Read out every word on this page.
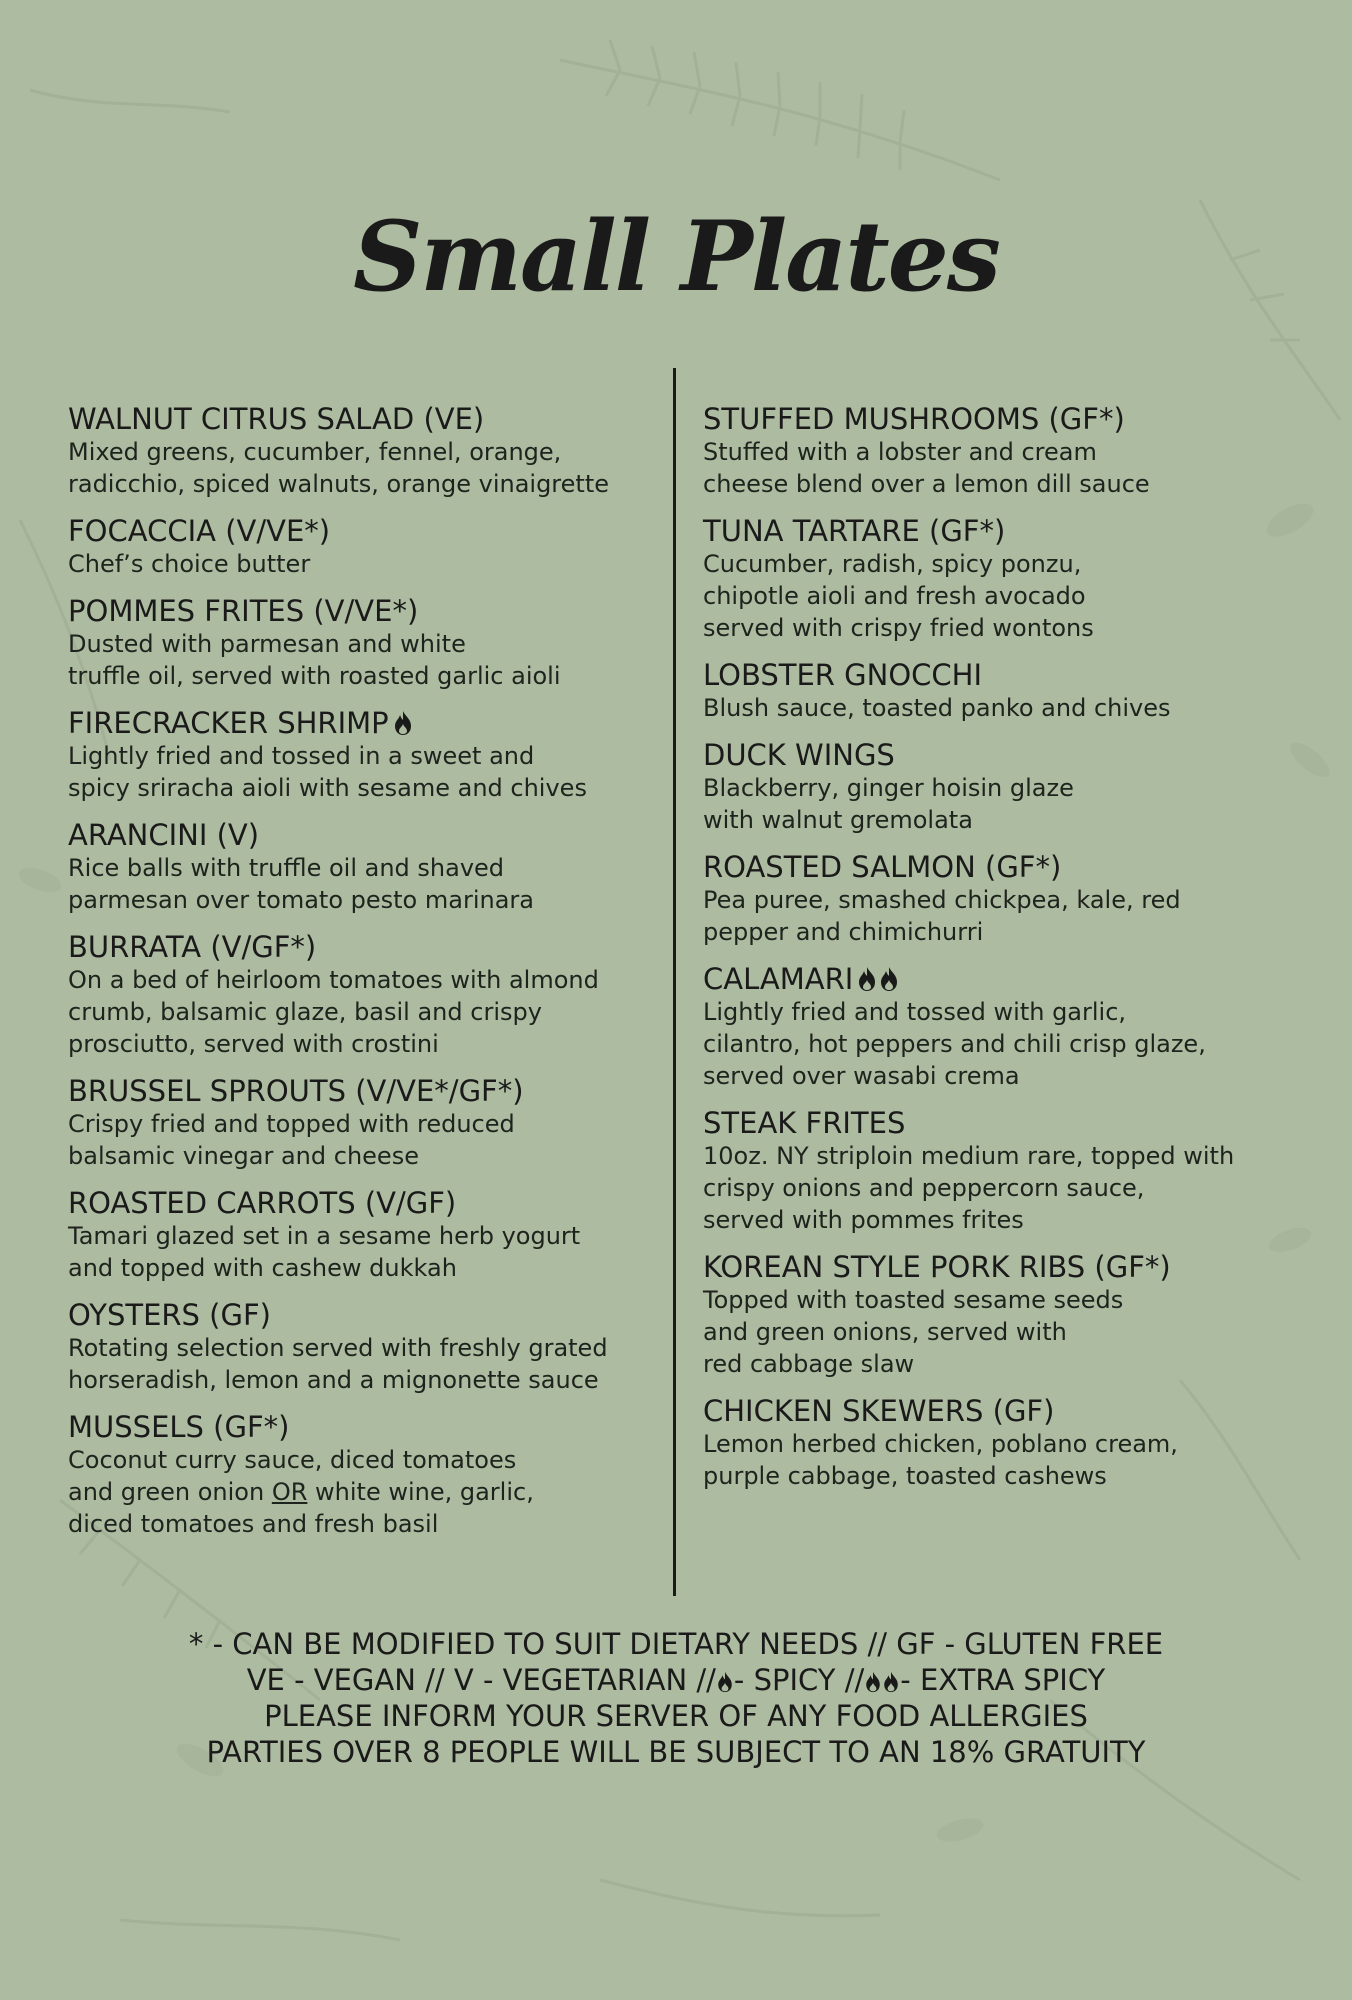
Small Plates
WALNUT CITRUS SALAD (VE)
Mixed greens, cucumber, fennel, orange,
radicchio, spiced walnuts, orange vinaigrette
FOCACCIA (V/VE*)
Chef’s choice butter
POMMES FRITES (V/VE*)
Dusted with parmesan and white
truffle oil, served with roasted garlic aioli
FIRECRACKER SHRIMP
Lightly fried and tossed in a sweet and
spicy sriracha aioli with sesame and chives
ARANCINI (V)
Rice balls with truffle oil and shaved
parmesan over tomato pesto marinara
BURRATA (V/GF*)
On a bed of heirloom tomatoes with almond
crumb, balsamic glaze, basil and crispy
prosciutto, served with crostini
BRUSSEL SPROUTS (V/VE*/GF*)
Crispy fried and topped with reduced
balsamic vinegar and cheese
ROASTED CARROTS (V/GF)
Tamari glazed set in a sesame herb yogurt
and topped with cashew dukkah
OYSTERS (GF)
Rotating selection served with freshly grated
horseradish, lemon and a mignonette sauce
MUSSELS (GF*)
Coconut curry sauce, diced tomatoes
and green onion OR white wine, garlic,
diced tomatoes and fresh basil
STUFFED MUSHROOMS (GF*)
Stuffed with a lobster and cream
cheese blend over a lemon dill sauce
TUNA TARTARE (GF*)
Cucumber, radish, spicy ponzu,
chipotle aioli and fresh avocado
served with crispy fried wontons
LOBSTER GNOCCHI
Blush sauce, toasted panko and chives
DUCK WINGS
Blackberry, ginger hoisin glaze
with walnut gremolata
ROASTED SALMON (GF*)
Pea puree, smashed chickpea, kale, red
pepper and chimichurri
CALAMARI
Lightly fried and tossed with garlic,
cilantro, hot peppers and chili crisp glaze,
served over wasabi crema
STEAK FRITES
10oz. NY striploin medium rare, topped with
crispy onions and peppercorn sauce,
served with pommes frites
KOREAN STYLE PORK RIBS (GF*)
Topped with toasted sesame seeds
and green onions, served with
red cabbage slaw
CHICKEN SKEWERS (GF)
Lemon herbed chicken, poblano cream,
purple cabbage, toasted cashews
* - CAN BE MODIFIED TO SUIT DIETARY NEEDS // GF - GLUTEN FREE
VE - VEGAN // V - VEGETARIAN // - SPICY // - EXTRA SPICY
PLEASE INFORM YOUR SERVER OF ANY FOOD ALLERGIES
PARTIES OVER 8 PEOPLE WILL BE SUBJECT TO AN 18% GRATUITY
